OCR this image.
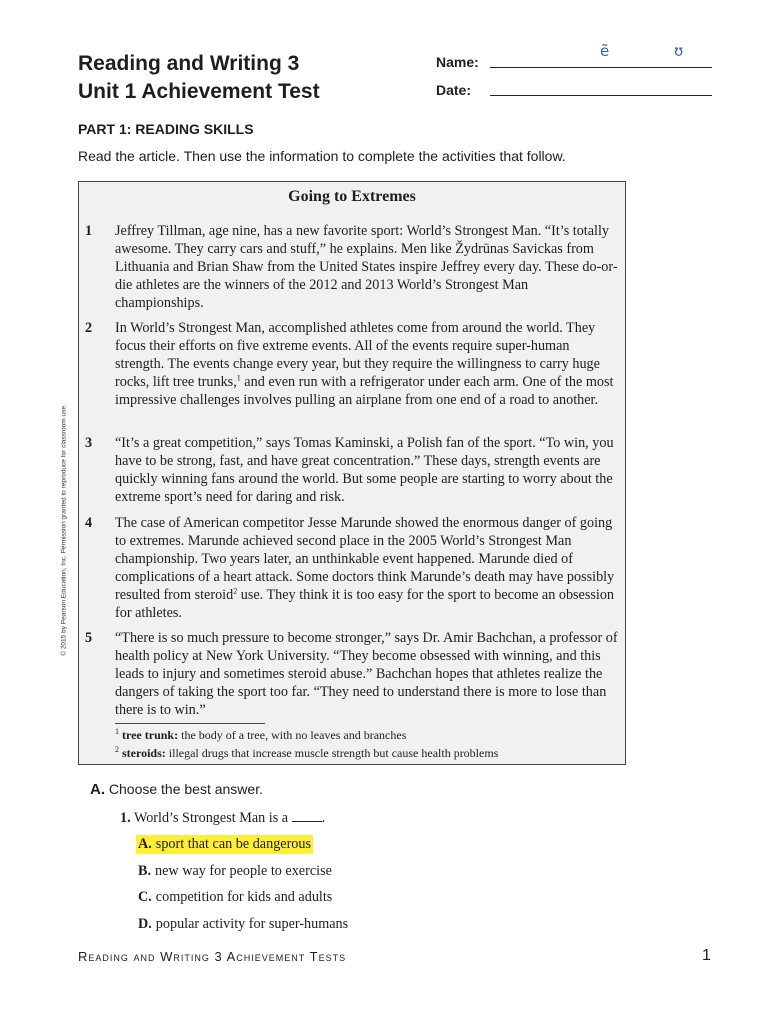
Reading and Writing 3
Unit 1 Achievement Test
Name:
Date:
ẽ	ʊ
PART 1: READING SKILLS

Read the article. Then use the information to complete the activities that follow.

© 2015 by Pearson Education, Inc. Permission granted to reproduce for classroom use.
Going to Extremes
1	Jeffrey Tillman, age nine, has a new favorite sport: World’s Strongest Man. “It’s totally awesome. They carry cars and stuff,” he explains. Men like Žydrūnas Savickas from Lithuania and Brian Shaw from the United States inspire Jeffrey every day. These do-or-die athletes are the winners of the 2012 and 2013 World’s Strongest Man championships.
2	In World’s Strongest Man, accomplished athletes come from around the world. They focus their efforts on five extreme events. All of the events require super-human strength. The events change every year, but they require the willingness to carry huge rocks, lift tree trunks,$^1$ and even run with a refrigerator under each arm. One of the most impressive challenges involves pulling an airplane from one end of a road to another.
3	“It’s a great competition,” says Tomas Kaminski, a Polish fan of the sport. “To win, you have to be strong, fast, and have great concentration.” These days, strength events are quickly winning fans around the world. But some people are starting to worry about the extreme sport’s need for daring and risk.
4	The case of American competitor Jesse Marunde showed the enormous danger of going to extremes. Marunde achieved second place in the 2005 World’s Strongest Man championship. Two years later, an unthinkable event happened. Marunde died of complications of a heart attack. Some doctors think Marunde’s death may have possibly resulted from steroid$^2$ use. They think it is too easy for the sport to become an obsession for athletes.
5	“There is so much pressure to become stronger,” says Dr. Amir Bachchan, a professor of health policy at New York University. “They become obsessed with winning, and this leads to injury and sometimes steroid abuse.” Bachchan hopes that athletes realize the dangers of taking the sport too far. “They need to understand there is more to lose than there is to win.”
$^1$ tree trunk: the body of a tree, with no leaves and branches
$^2$ steroids: illegal drugs that increase muscle strength but cause health problems

A. Choose the best answer.

1. World’s Strongest Man is a .
A. sport that can be dangerous
B. new way for people to exercise
C. competition for kids and adults
D. popular activity for super-humans
Reading and Writing 3 Achievement Tests	1
